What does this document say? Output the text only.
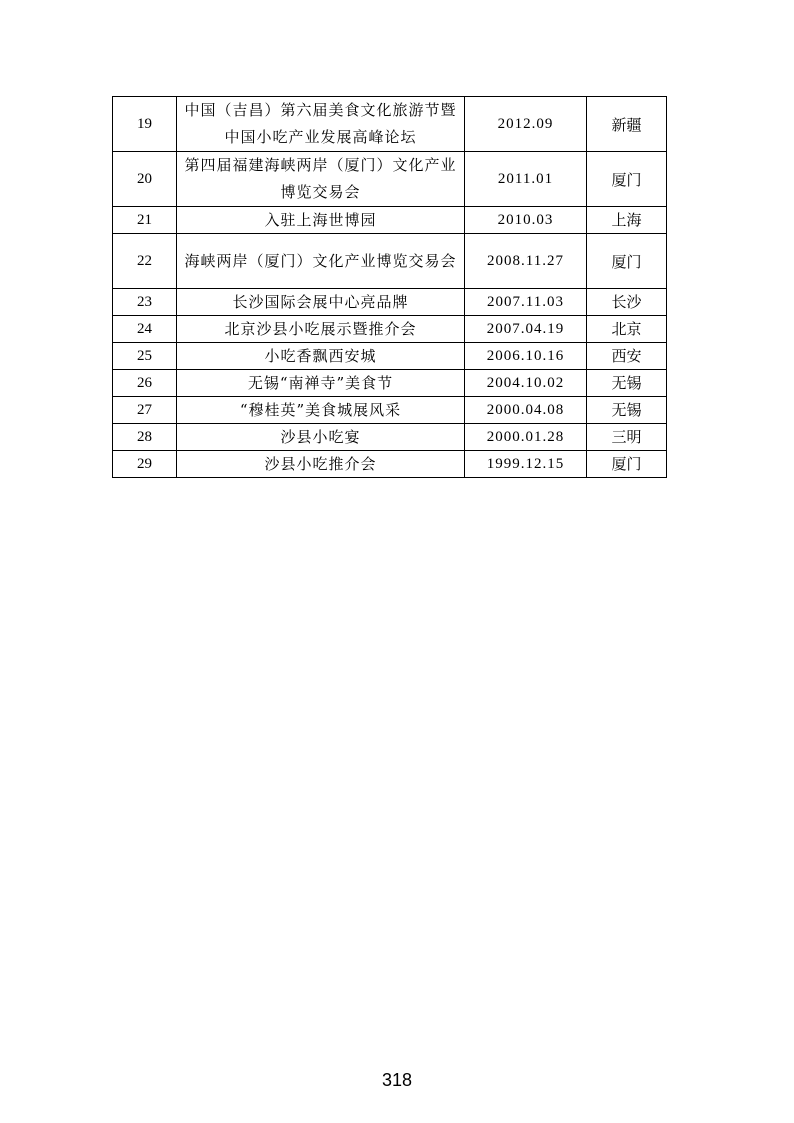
19	中国（吉昌）第六届美食文化旅游节暨中国小吃产业发展高峰论坛	2012.09	新疆
20	第四届福建海峡两岸（厦门）文化产业博览交易会	2011.01	厦门
21	入驻上海世博园	2010.03	上海
22	海峡两岸（厦门）文化产业博览交易会	2008.11.27	厦门
23	长沙国际会展中心亮品牌	2007.11.03	长沙
24	北京沙县小吃展示暨推介会	2007.04.19	北京
25	小吃香飘西安城	2006.10.16	西安
26	无锡“南禅寺”美食节	2004.10.02	无锡
27	“穆桂英”美食城展风采	2000.04.08	无锡
28	沙县小吃宴	2000.01.28	三明
29	沙县小吃推介会	1999.12.15	厦门
318
